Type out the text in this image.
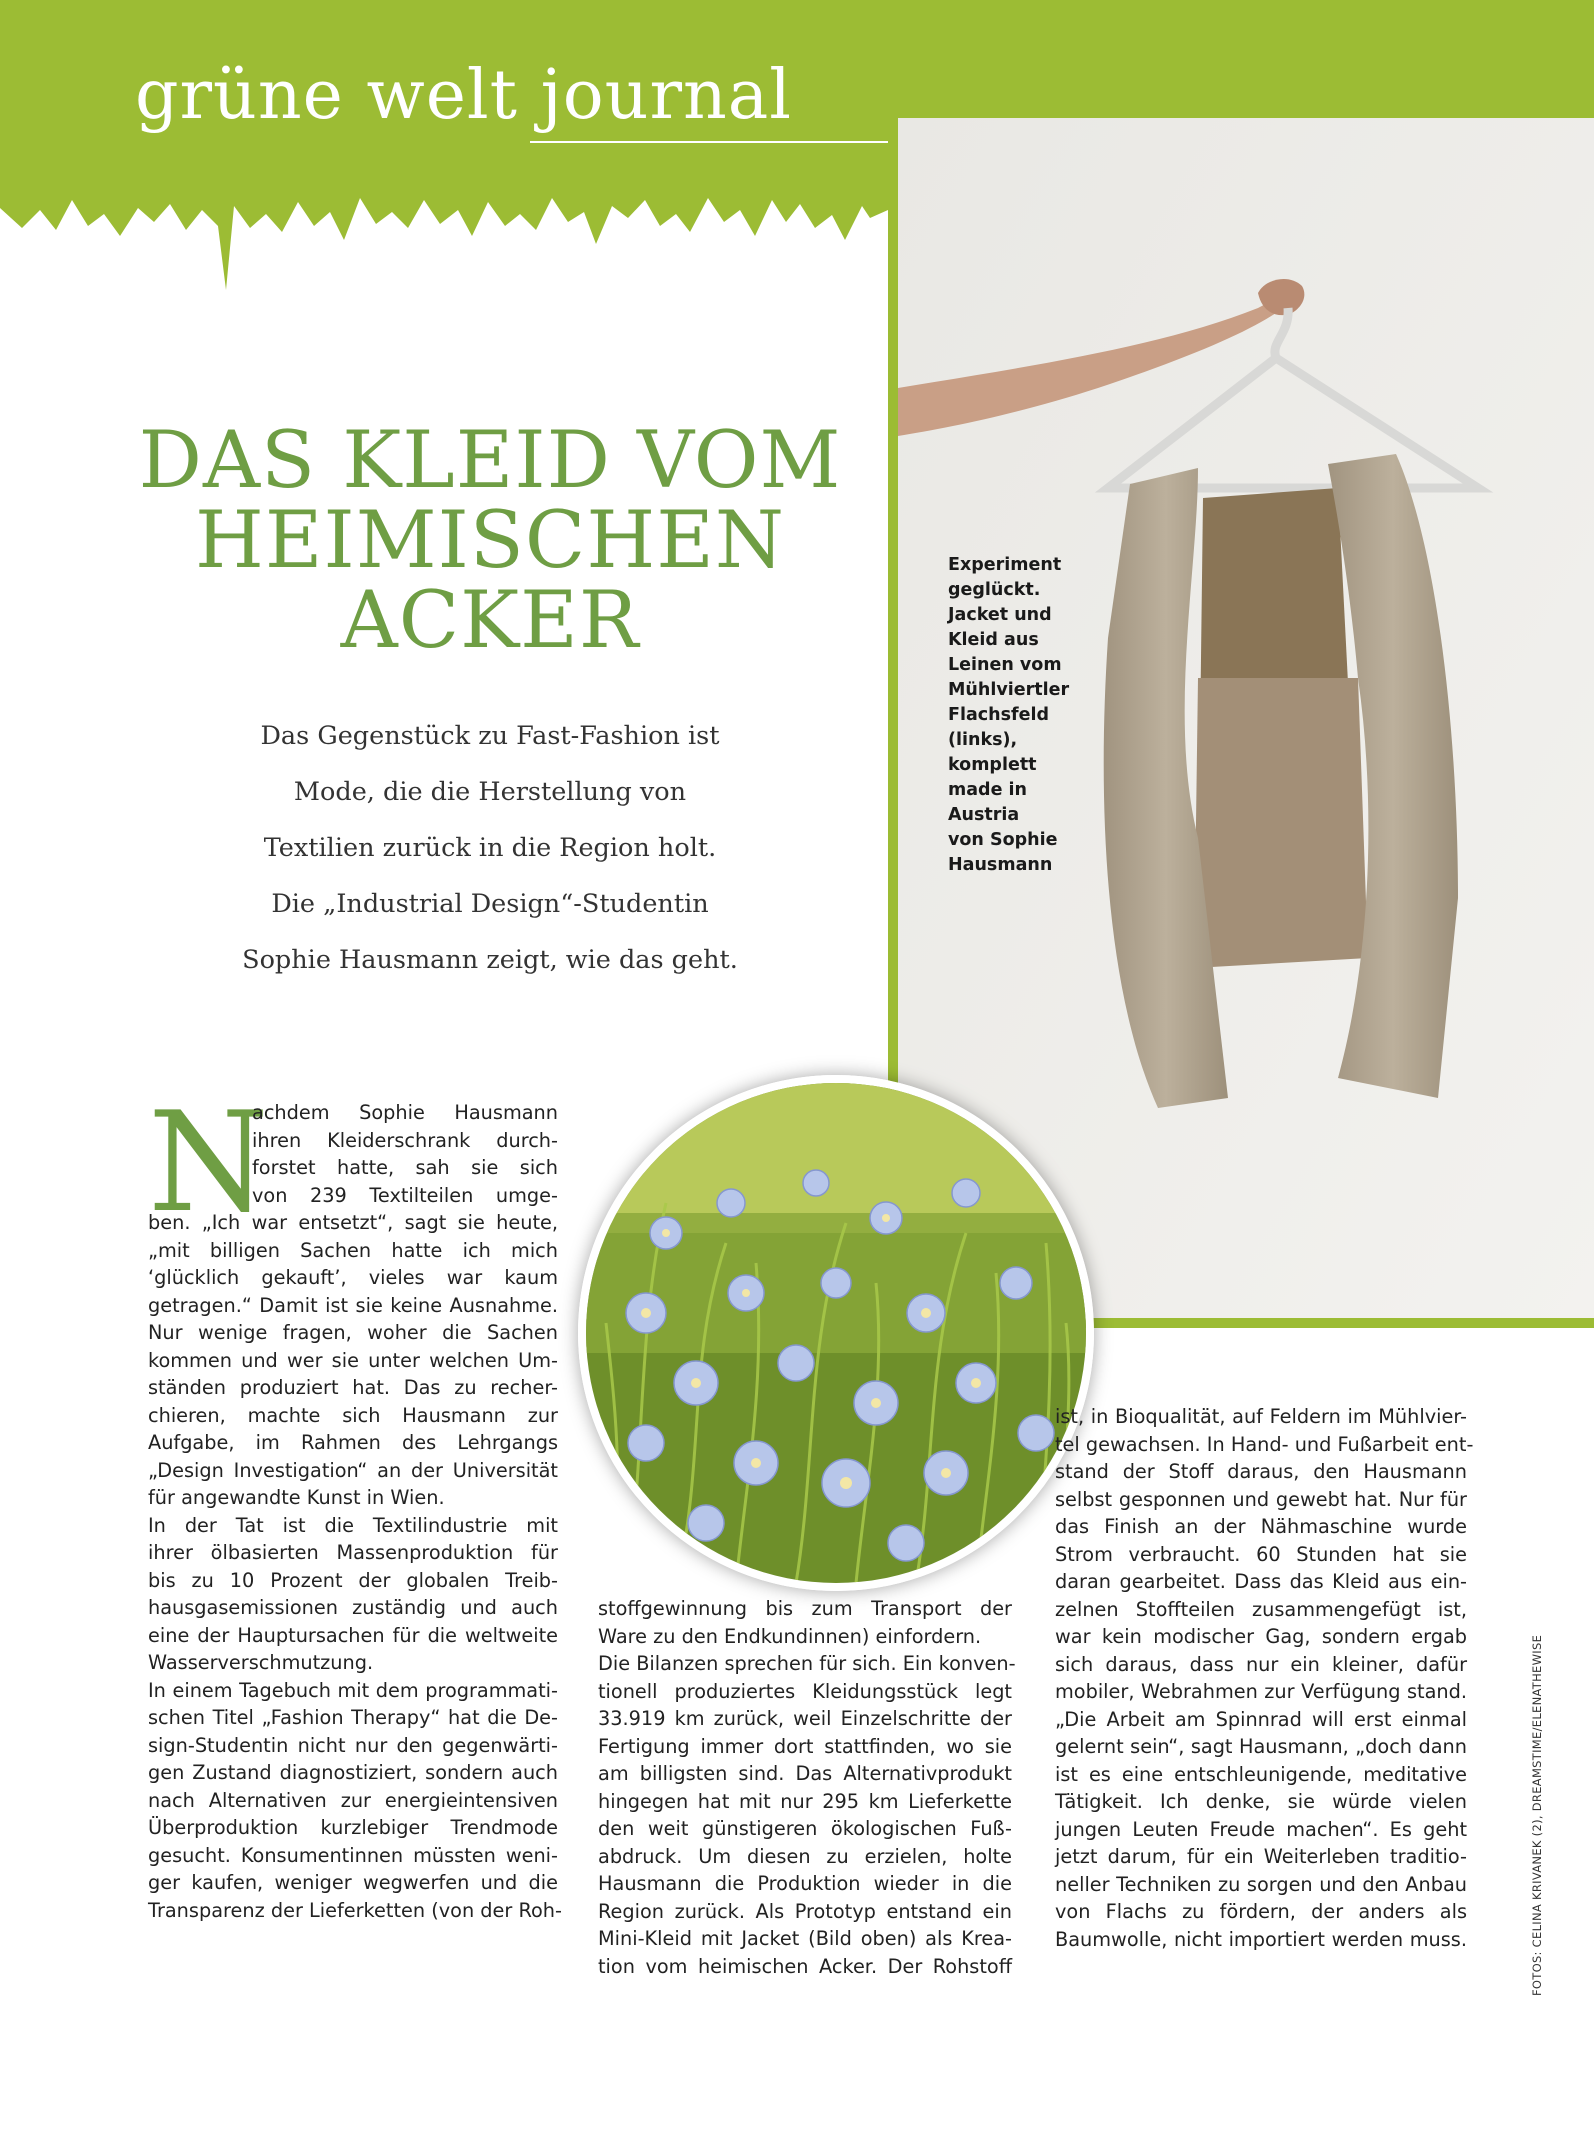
grüne welt journal
Experiment
geglückt.
Jacket und
Kleid aus
Leinen vom
Mühlviertler
Flachsfeld
(links),
komplett
made in
Austria
von Sophie
Hausmann
DAS KLEID VOM
HEIMISCHEN
ACKER
Das Gegenstück zu Fast-Fashion ist
Mode, die die Herstellung von
Textilien zurück in die Region holt.
Die „Industrial Design“-Studentin
Sophie Hausmann zeigt, wie das geht.
N
achdem Sophie Hausmann
ihren Kleiderschrank durch-
forstet hatte, sah sie sich
von 239 Textilteilen umge-
ben. „Ich war entsetzt“, sagt sie heute,
„mit billigen Sachen hatte ich mich
‘glücklich gekauft’, vieles war kaum
getragen.“ Damit ist sie keine Ausnahme.
Nur wenige fragen, woher die Sachen
kommen und wer sie unter welchen Um-
ständen produziert hat. Das zu recher-
chieren, machte sich Hausmann zur
Aufgabe, im Rahmen des Lehrgangs
„Design Investigation“ an der Universität
für angewandte Kunst in Wien.
In der Tat ist die Textilindustrie mit
ihrer ölbasierten Massenproduktion für
bis zu 10 Prozent der globalen Treib-
hausgasemissionen zuständig und auch
eine der Hauptursachen für die weltweite
Wasserverschmutzung.
In einem Tagebuch mit dem programmati-
schen Titel „Fashion Therapy“ hat die De-
sign-Studentin nicht nur den gegenwärti-
gen Zustand diagnostiziert, sondern auch
nach Alternativen zur energieintensiven
Überproduktion kurzlebiger Trendmode
gesucht. Konsumentinnen müssten weni-
ger kaufen, weniger wegwerfen und die
Transparenz der Lieferketten (von der Roh-
stoffgewinnung bis zum Transport der
Ware zu den Endkundinnen) einfordern.
Die Bilanzen sprechen für sich. Ein konven-
tionell produziertes Kleidungsstück legt
33.919 km zurück, weil Einzelschritte der
Fertigung immer dort stattfinden, wo sie
am billigsten sind. Das Alternativprodukt
hingegen hat mit nur 295 km Lieferkette
den weit günstigeren ökologischen Fuß-
abdruck. Um diesen zu erzielen, holte
Hausmann die Produktion wieder in die
Region zurück. Als Prototyp entstand ein
Mini-Kleid mit Jacket (Bild oben) als Krea-
tion vom heimischen Acker. Der Rohstoff
ist, in Bioqualität, auf Feldern im Mühlvier-
tel gewachsen. In Hand- und Fußarbeit ent-
stand der Stoff daraus, den Hausmann
selbst gesponnen und gewebt hat. Nur für
das Finish an der Nähmaschine wurde
Strom verbraucht. 60 Stunden hat sie
daran gearbeitet. Dass das Kleid aus ein-
zelnen Stoffteilen zusammengefügt ist,
war kein modischer Gag, sondern ergab
sich daraus, dass nur ein kleiner, dafür
mobiler, Webrahmen zur Verfügung stand.
„Die Arbeit am Spinnrad will erst einmal
gelernt sein“, sagt Hausmann, „doch dann
ist es eine entschleunigende, meditative
Tätigkeit. Ich denke, sie würde vielen
jungen Leuten Freude machen“. Es geht
jetzt darum, für ein Weiterleben traditio-
neller Techniken zu sorgen und den Anbau
von Flachs zu fördern, der anders als
Baumwolle, nicht importiert werden muss.	FOTOS: CELINA KRIVANEK (2), DREAMSTIME/ELENATHEWISE
